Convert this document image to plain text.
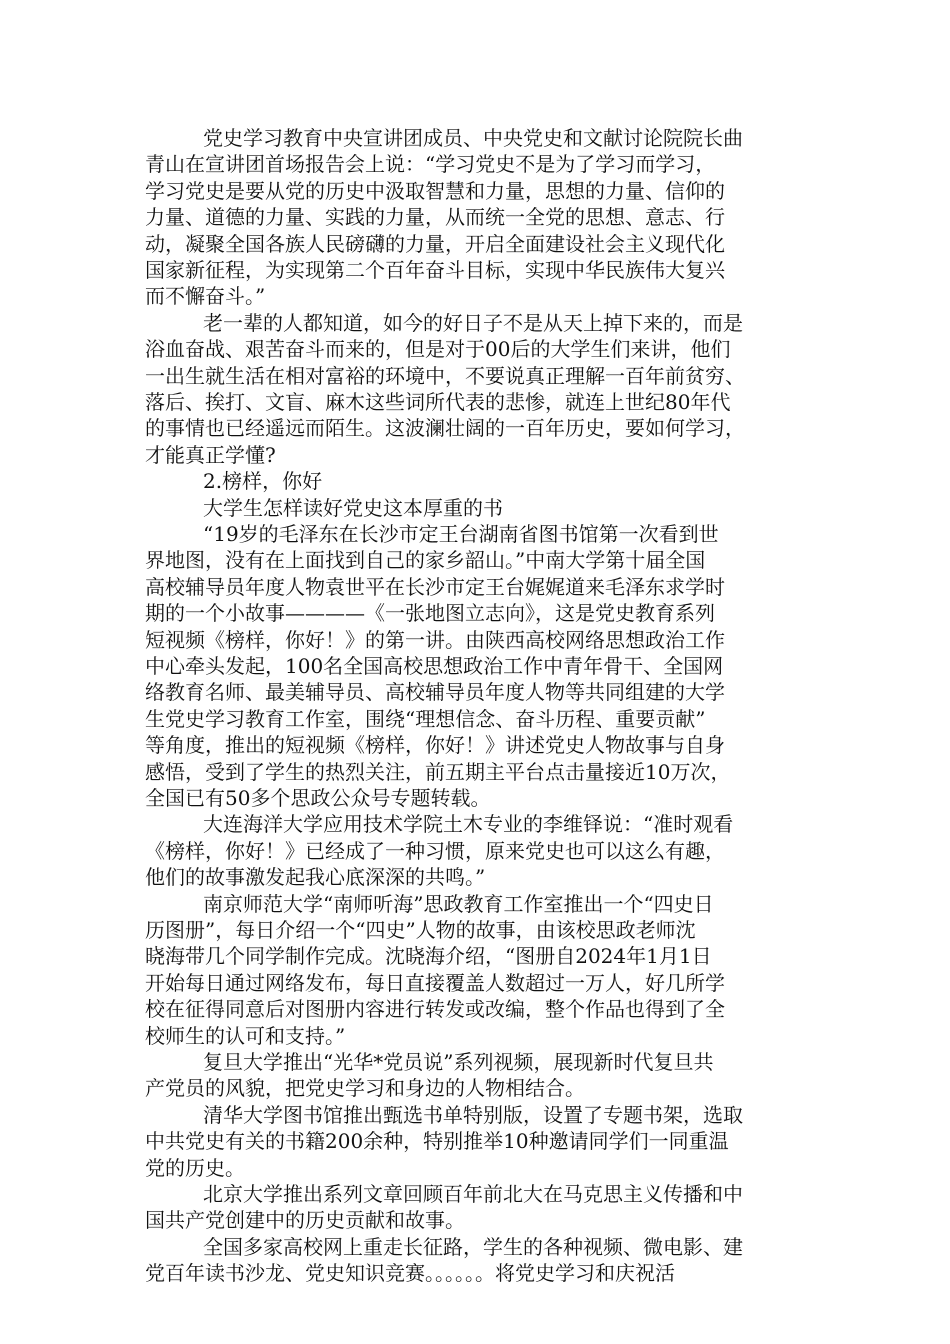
党史学习教育中央宣讲团成员、中央党史和文献讨论院院长曲
青山在宣讲团首场报告会上说：“学习党史不是为了学习而学习，
学习党史是要从党的历史中汲取智慧和力量，思想的力量、信仰的
力量、道德的力量、实践的力量，从而统一全党的思想、意志、行
动，凝聚全国各族人民磅礴的力量，开启全面建设社会主义现代化
国家新征程，为实现第二个百年奋斗目标，实现中华民族伟大复兴
而不懈奋斗。”
老一辈的人都知道，如今的好日子不是从天上掉下来的，而是
浴血奋战、艰苦奋斗而来的，但是对于00后的大学生们来讲，他们
一出生就生活在相对富裕的环境中，不要说真正理解一百年前贫穷、
落后、挨打、文盲、麻木这些词所代表的悲惨，就连上世纪80年代
的事情也已经遥远而陌生。这波澜壮阔的一百年历史，要如何学习，
才能真正学懂?
2.榜样，你好
大学生怎样读好党史这本厚重的书
“19岁的毛泽东在长沙市定王台湖南省图书馆第一次看到世
界地图，没有在上面找到自己的家乡韶山。”中南大学第十届全国
高校辅导员年度人物袁世平在长沙市定王台娓娓道来毛泽东求学时
期的一个小故事————《一张地图立志向》，这是党史教育系列
短视频《榜样，你好！》的第一讲。由陕西高校网络思想政治工作
中心牵头发起，100名全国高校思想政治工作中青年骨干、全国网
络教育名师、最美辅导员、高校辅导员年度人物等共同组建的大学
生党史学习教育工作室，围绕“理想信念、奋斗历程、重要贡献”
等角度，推出的短视频《榜样，你好！》讲述党史人物故事与自身
感悟，受到了学生的热烈关注，前五期主平台点击量接近10万次，
全国已有50多个思政公众号专题转载。
大连海洋大学应用技术学院土木专业的李维铎说：“准时观看
《榜样，你好！》已经成了一种习惯，原来党史也可以这么有趣，
他们的故事激发起我心底深深的共鸣。”
南京师范大学“南师听海”思政教育工作室推出一个“四史日
历图册”，每日介绍一个“四史”人物的故事，由该校思政老师沈
晓海带几个同学制作完成。沈晓海介绍，“图册自2024年1月1日
开始每日通过网络发布，每日直接覆盖人数超过一万人，好几所学
校在征得同意后对图册内容进行转发或改编，整个作品也得到了全
校师生的认可和支持。”
复旦大学推出“光华*党员说”系列视频，展现新时代复旦共
产党员的风貌，把党史学习和身边的人物相结合。
清华大学图书馆推出甄选书单特别版，设置了专题书架，选取
中共党史有关的书籍200余种，特别推举10种邀请同学们一同重温
党的历史。
北京大学推出系列文章回顾百年前北大在马克思主义传播和中
国共产党创建中的历史贡献和故事。
全国多家高校网上重走长征路，学生的各种视频、微电影、建
党百年读书沙龙、党史知识竞赛。。。。。。将党史学习和庆祝活
